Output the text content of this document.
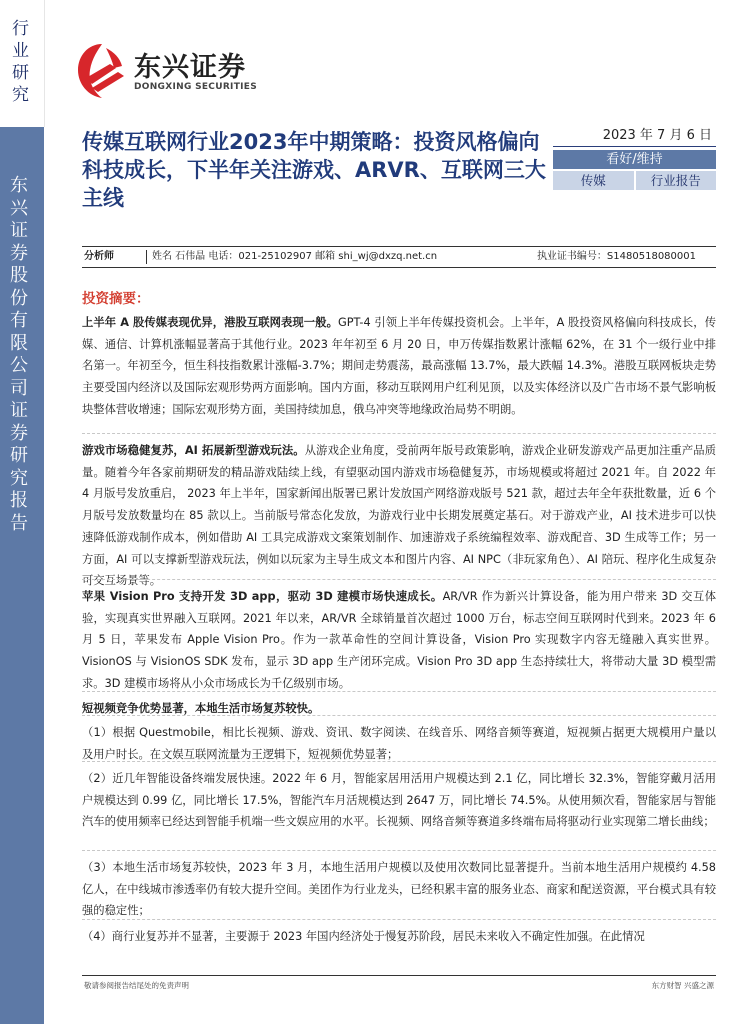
行业研究
东兴证券股份有限公司证券研究报告
东兴证券
DONGXING SECURITIES
传媒互联网行业2023年中期策略：投资风格偏向科技成长，下半年关注游戏、ARVR、互联网三大主线
2023 年 7 月 6 日
看好/维持
传媒	行业报告
分析师	姓名 石伟晶 电话：021-25102907 邮箱 shi_wj@dxzq.net.cn	执业证书编号：S1480518080001
投资摘要：
上半年 A 股传媒表现优异，港股互联网表现一般。GPT-4 引领上半年传媒投资机会。上半年，A 股投资风格偏向科技成长，传媒、通信、计算机涨幅显著高于其他行业。2023 年年初至 6 月 20 日，申万传媒指数累计涨幅 62%，在 31 个一级行业中排名第一。年初至今，恒生科技指数累计涨幅-3.7%；期间走势震荡，最高涨幅 13.7%，最大跌幅 14.3%。港股互联网板块走势主要受国内经济以及国际宏观形势两方面影响。国内方面，移动互联网用户红利见顶，以及实体经济以及广告市场不景气影响板块整体营收增速；国际宏观形势方面，美国持续加息，俄乌冲突等地缘政治局势不明朗。
游戏市场稳健复苏，AI 拓展新型游戏玩法。从游戏企业角度，受前两年版号政策影响，游戏企业研发游戏产品更加注重产品质量。随着今年各家前期研发的精品游戏陆续上线，有望驱动国内游戏市场稳健复苏，市场规模或将超过 2021 年。自 2022 年 4 月版号发放重启， 2023 年上半年，国家新闻出版署已累计发放国产网络游戏版号 521 款，超过去年全年获批数量，近 6 个月版号发放数量均在 85 款以上。当前版号常态化发放，为游戏行业中长期发展奠定基石。对于游戏产业，AI 技术进步可以快速降低游戏制作成本，例如借助 AI 工具完成游戏文案策划制作、加速游戏子系统编程效率、游戏配音、3D 生成等工作；另一方面，AI 可以支撑新型游戏玩法，例如以玩家为主导生成文本和图片内容、AI NPC（非玩家角色）、AI 陪玩、程序化生成复杂可交互场景等。
苹果 Vision Pro 支持开发 3D app，驱动 3D 建模市场快速成长。AR/VR 作为新兴计算设备，能为用户带来 3D 交互体验，实现真实世界融入互联网。2021 年以来，AR/VR 全球销量首次超过 1000 万台，标志空间互联网时代到来。2023 年 6 月 5 日，苹果发布 Apple Vision Pro。作为一款革命性的空间计算设备，Vision Pro 实现数字内容无缝融入真实世界。VisionOS 与 VisionOS SDK 发布，显示 3D app 生产闭环完成。Vision Pro 3D app 生态持续壮大，将带动大量 3D 模型需求。3D 建模市场将从小众市场成长为千亿级别市场。
短视频竞争优势显著，本地生活市场复苏较快。
（1）根据 Questmobile，相比长视频、游戏、资讯、数字阅读、在线音乐、网络音频等赛道，短视频占据更大规模用户量以及用户时长。在文娱互联网流量为王逻辑下，短视频优势显著；
（2）近几年智能设备终端发展快速。2022 年 6 月，智能家居用活用户规模达到 2.1 亿，同比增长 32.3%，智能穿戴月活用户规模达到 0.99 亿，同比增长 17.5%，智能汽车月活规模达到 2647 万，同比增长 74.5%。从使用频次看，智能家居与智能汽车的使用频率已经达到智能手机端一些文娱应用的水平。长视频、网络音频等赛道多终端布局将驱动行业实现第二增长曲线；
（3）本地生活市场复苏较快，2023 年 3 月，本地生活用户规模以及使用次数同比显著提升。当前本地生活用户规模约 4.58 亿人，在中线城市渗透率仍有较大提升空间。美团作为行业龙头，已经积累丰富的服务业态、商家和配送资源，平台模式具有较强的稳定性；
（4）商行业复苏并不显著，主要源于 2023 年国内经济处于慢复苏阶段，居民未来收入不确定性加强。在此情况
敬请参阅报告结尾处的免责声明	东方财智 兴盛之源
